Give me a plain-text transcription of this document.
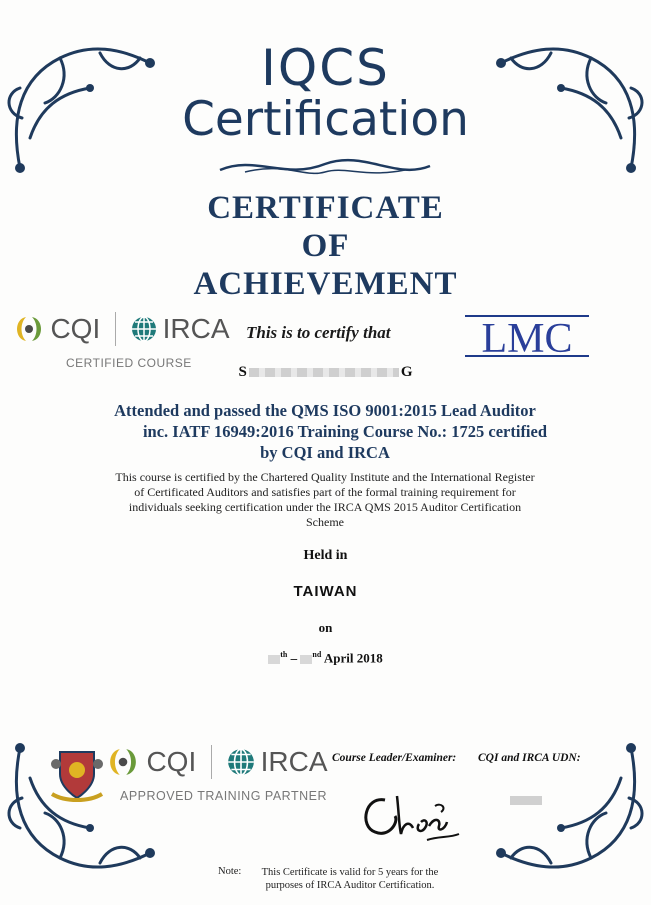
IQCS
Certification
CERTIFICATE
OF
ACHIEVEMENT
CQI IRCA
CERTIFIED COURSE
This is to certify that LMC
S	G
Attended and passed the QMS ISO 9001:2015 Lead Auditor
inc. IATF 16949:2016 Training Course No.: 1725 certified
by CQI and IRCA
This course is certified by the Chartered Quality Institute and the International Register
of Certificated Auditors and satisfies part of the formal training requirement for
individuals seeking certification under the IRCA QMS 2015 Auditor Certification
Scheme
Held in
TAIWAN
on
$^{th}$ – $^{nd}$ April 2018
CQI IRCA
APPROVED TRAINING PARTNER
Course Leader/Examiner: CQI and IRCA UDN:
Note:	This Certificate is valid for 5 years for the
purposes of IRCA Auditor Certification.
